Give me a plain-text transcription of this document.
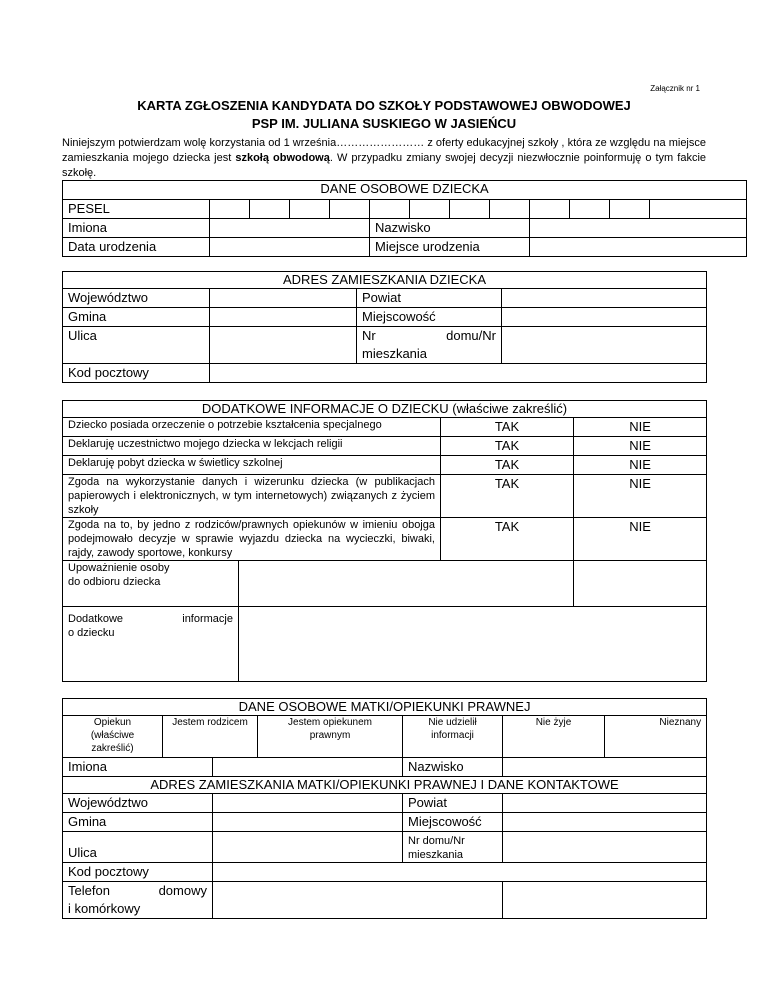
Załącznik nr 1
KARTA ZGŁOSZENIA KANDYDATA DO SZKOŁY PODSTAWOWEJ OBWODOWEJ
PSP IM. JULIANA SUSKIEGO W JASIEŃCU
Niniejszym potwierdzam wolę korzystania od 1 września…………………… z oferty edukacyjnej szkoły , która ze względu na miejsce zamieszkania mojego dziecka jest szkołą obwodową. W przypadku zmiany swojej decyzji niezwłocznie poinformuję o tym fakcie szkołę.
DANE OSOBOWE DZIECKA												
PESEL												
Imiona					Nazwisko							
Data urodzenia					Miejsce urodzenia							
ADRES ZAMIESZKANIA DZIECKA			
Województwo		Powiat	
Gmina		Miejscowość	
Ulica		Nr domu/Nr mieszkania	
Kod pocztowy			
DODATKOWE INFORMACJE O DZIECKU (właściwe zakreślić)			
Dziecko posiada orzeczenie o potrzebie kształcenia specjalnego		TAK	NIE
Deklaruję uczestnictwo mojego dziecka w lekcjach religii		TAK	NIE
Deklaruję pobyt dziecka w świetlicy szkolnej		TAK	NIE
Zgoda na wykorzystanie danych i wizerunku dziecka (w publikacjach papierowych i elektronicznych, w tym internetowych) związanych z życiem szkoły		TAK	NIE
Zgoda na to, by jedno z rodziców/prawnych opiekunów w imieniu obojga podejmowało decyzje w sprawie wyjazdu dziecka na wycieczki, biwaki, rajdy, zawody sportowe, konkursy		TAK	NIE
Upoważnienie osoby
do odbioru dziecka			

Dodatkowe informacje
o dziecku			
DANE OSOBOWE MATKI/OPIEKUNKI PRAWNEJ						
Opiekun
(właściwe
zakreślić)	Jestem rodzicem		Jestem opiekunem prawnym	Nie udzielił informacji	Nie żyje	Nieznany
Imiona				Nazwisko		
ADRES ZAMIESZKANIA MATKI/OPIEKUNKI PRAWNEJ I DANE KONTAKTOWE						
Województwo				Powiat		
Gmina				Miejscowość		
Ulica				Nr domu/Nr mieszkania		
Kod pocztowy						

Telefon domowy
i komórkowy						
